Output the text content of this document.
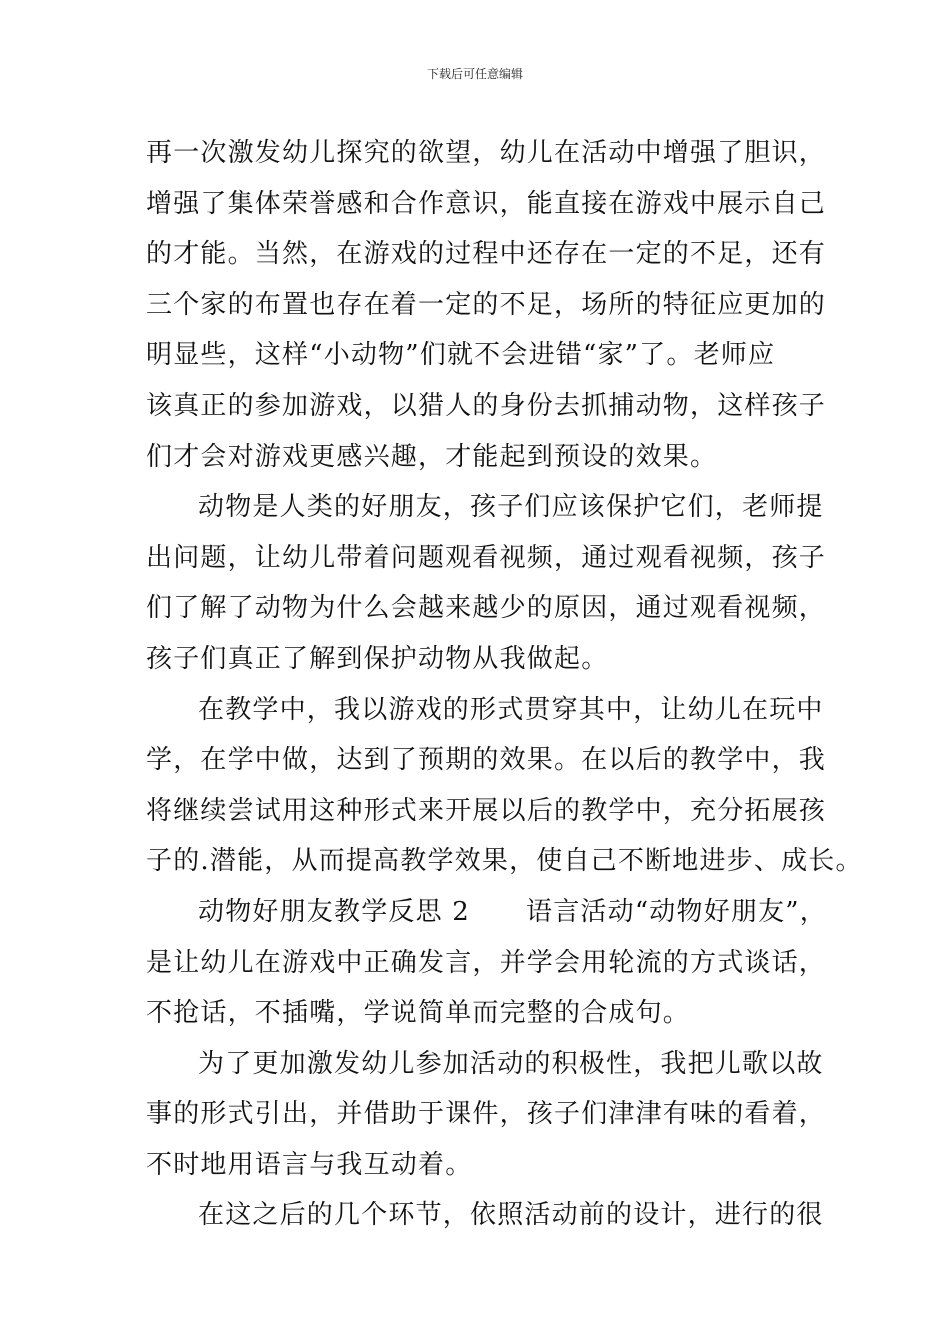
下载后可任意编辑
再一次激发幼儿探究的欲望，幼儿在活动中增强了胆识，
增强了集体荣誉感和合作意识，能直接在游戏中展示自己
的才能。当然，在游戏的过程中还存在一定的不足，还有
三个家的布置也存在着一定的不足，场所的特征应更加的
明显些，这样“小动物”们就不会进错“家”了。老师应
该真正的参加游戏，以猎人的身份去抓捕动物，这样孩子
们才会对游戏更感兴趣，才能起到预设的效果。
动物是人类的好朋友，孩子们应该保护它们，老师提
出问题，让幼儿带着问题观看视频，通过观看视频，孩子
们了解了动物为什么会越来越少的原因，通过观看视频，
孩子们真正了解到保护动物从我做起。
在教学中，我以游戏的形式贯穿其中，让幼儿在玩中
学，在学中做，达到了预期的效果。在以后的教学中，我
将继续尝试用这种形式来开展以后的教学中，充分拓展孩
子的.潜能，从而提高教学效果，使自己不断地进步、成长。
动物好朋友教学反思 2 语言活动“动物好朋友”，
是让幼儿在游戏中正确发言，并学会用轮流的方式谈话，
不抢话，不插嘴，学说简单而完整的合成句。
为了更加激发幼儿参加活动的积极性，我把儿歌以故
事的形式引出，并借助于课件，孩子们津津有味的看着，
不时地用语言与我互动着。
在这之后的几个环节，依照活动前的设计，进行的很
